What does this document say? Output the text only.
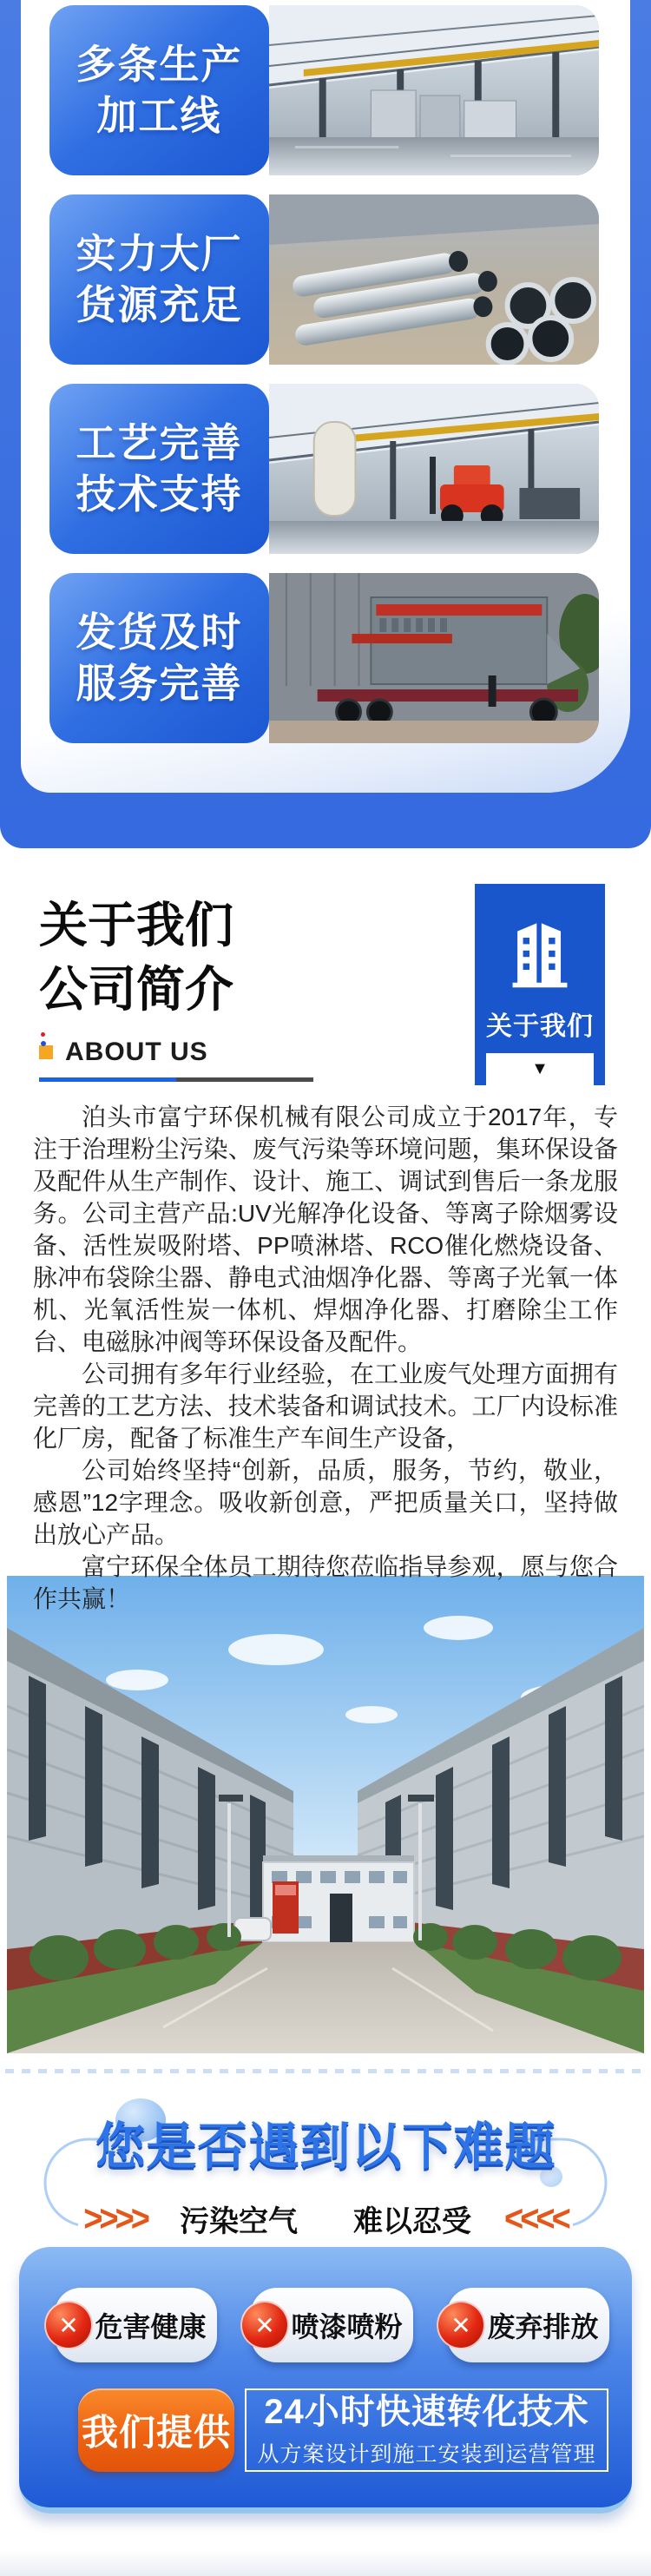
多条生产
加工线
实力大厂
货源充足
工艺完善
技术支持
发货及时
服务完善
关于我们
公司简介
ABOUT US
关于我们
▼

泊头市富宁环保机械有限公司成立于2017年，专注于治理粉尘污染、废气污染等环境问题，集环保设备及配件从生产制作、设计、施工、调试到售后一条龙服务。公司主营产品:UV光解净化设备、等离子除烟雾设备、活性炭吸附塔、PP喷淋塔、RCO催化燃烧设备、脉冲布袋除尘器、静电式油烟净化器、等离子光氧一体机、光氧活性炭一体机、焊烟净化器、打磨除尘工作台、电磁脉冲阀等环保设备及配件。

公司拥有多年行业经验，在工业废气处理方面拥有完善的工艺方法、技术装备和调试技术。工厂内设标准化厂房，配备了标准生产车间生产设备，

公司始终坚持“创新，品质，服务，节约，敬业，感恩”12字理念。吸收新创意，严把质量关口，坚持做出放心产品。

富宁环保全体员工期待您莅临指导参观，愿与您合作共赢！

您是否遇到以下难题
>>>> 污染空气 难以忍受 <<<<
✕ 危害健康 ✕ 喷漆喷粉 ✕ 废弃排放
我们提供
24小时快速转化技术
从方案设计到施工安装到运营管理
